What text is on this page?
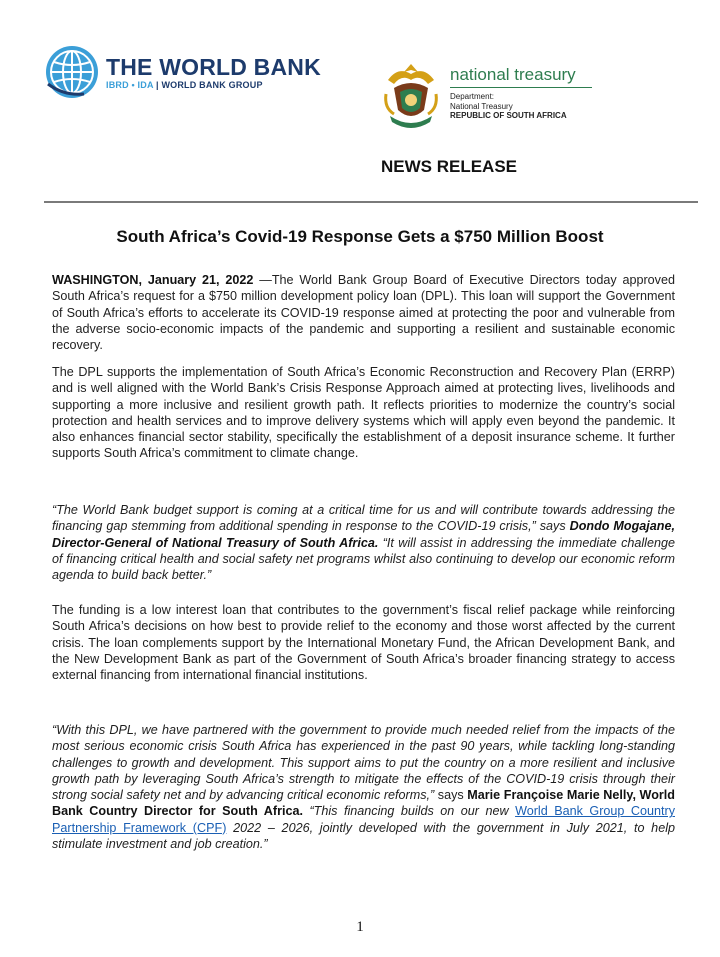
THE WORLD BANK
IBRD • IDA | WORLD BANK GROUP
national treasury
Department:
National Treasury
REPUBLIC OF SOUTH AFRICA
NEWS RELEASE
South Africa’s Covid-19 Response Gets a $750 Million Boost
WASHINGTON, January 21, 2022 —The World Bank Group Board of Executive Directors today approved South Africa’s request for a $750 million development policy loan (DPL). This loan will support the Government of South Africa’s efforts to accelerate its COVID-19 response aimed at protecting the poor and vulnerable from the adverse socio-economic impacts of the pandemic and supporting a resilient and sustainable economic recovery.
The DPL supports the implementation of South Africa’s Economic Reconstruction and Recovery Plan (ERRP) and is well aligned with the World Bank’s Crisis Response Approach aimed at protecting lives, livelihoods and supporting a more inclusive and resilient growth path. It reflects priorities to modernize the country’s social protection and health services and to improve delivery systems which will apply even beyond the pandemic. It also enhances financial sector stability, specifically the establishment of a deposit insurance scheme. It further supports South Africa’s commitment to climate change.
“The World Bank budget support is coming at a critical time for us and will contribute towards addressing the financing gap stemming from additional spending in response to the COVID-19 crisis,” says Dondo Mogajane, Director-General of National Treasury of South Africa. “It will assist in addressing the immediate challenge of financing critical health and social safety net programs whilst also continuing to develop our economic reform agenda to build back better.”
The funding is a low interest loan that contributes to the government’s fiscal relief package while reinforcing South Africa’s decisions on how best to provide relief to the economy and those worst affected by the current crisis. The loan complements support by the International Monetary Fund, the African Development Bank, and the New Development Bank as part of the Government of South Africa’s broader financing strategy to access external financing from international financial institutions.
“With this DPL, we have partnered with the government to provide much needed relief from the impacts of the most serious economic crisis South Africa has experienced in the past 90 years, while tackling long-standing challenges to growth and development. This support aims to put the country on a more resilient and inclusive growth path by leveraging South Africa’s strength to mitigate the effects of the COVID-19 crisis through their strong social safety net and by advancing critical economic reforms,” says Marie Françoise Marie Nelly, World Bank Country Director for South Africa. “This financing builds on our new World Bank Group Country Partnership Framework (CPF) 2022 – 2026, jointly developed with the government in July 2021, to help stimulate investment and job creation.”
1
